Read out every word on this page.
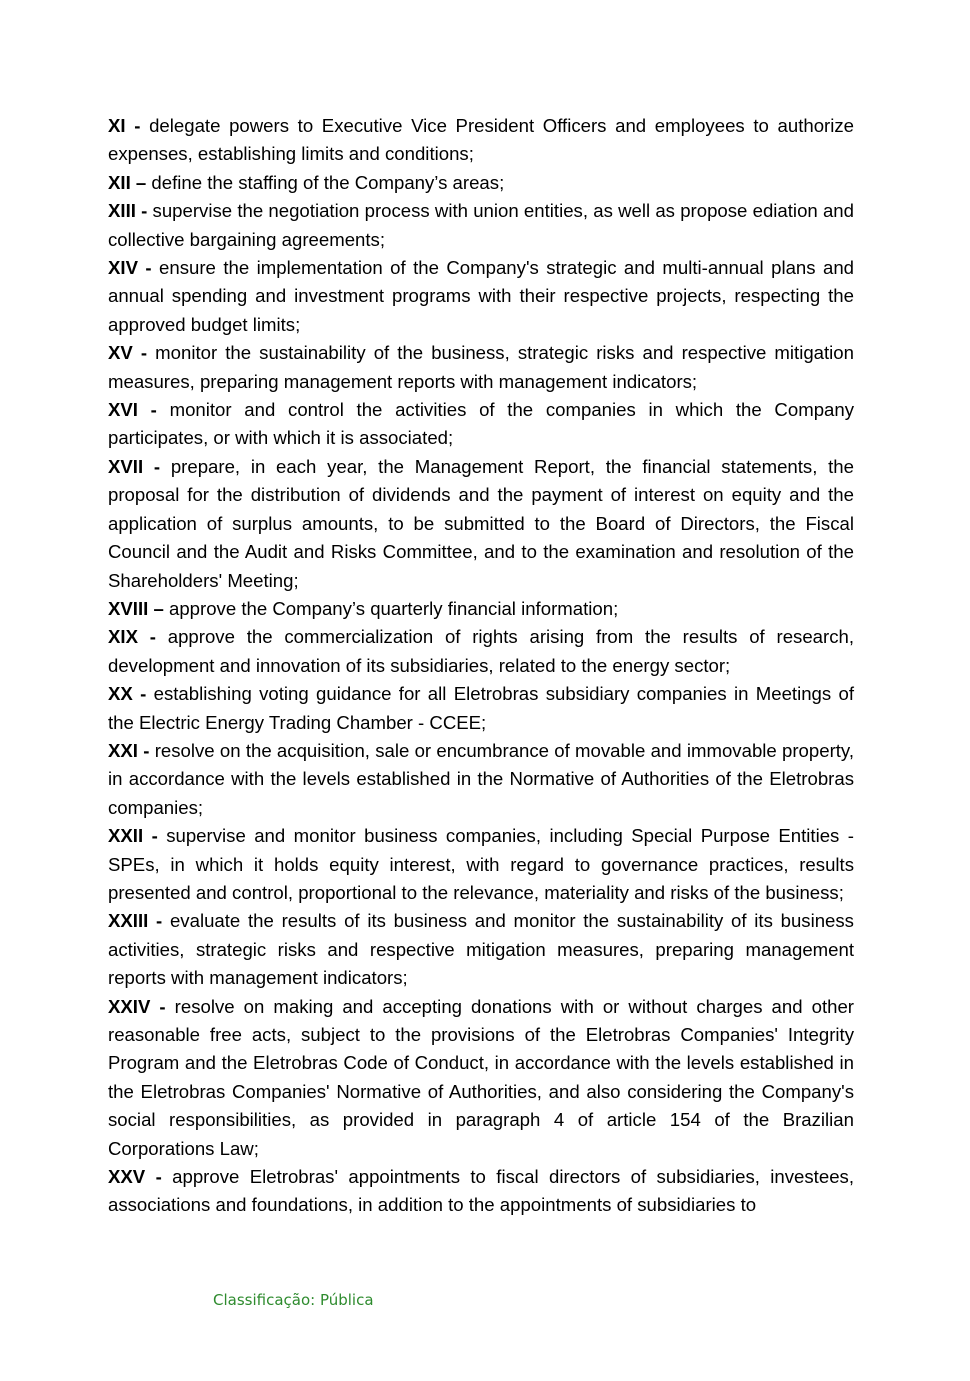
XI - delegate powers to Executive Vice President Officers and employees to authorize expenses, establishing limits and conditions;

XII – define the staffing of the Company’s areas;

XIII - supervise the negotiation process with union entities, as well as propose ediation and collective bargaining agreements;

XIV - ensure the implementation of the Company's strategic and multi-annual plans and annual spending and investment programs with their respective projects, respecting the approved budget limits;

XV - monitor the sustainability of the business, strategic risks and respective mitigation measures, preparing management reports with management indicators;

XVI - monitor and control the activities of the companies in which the Company participates, or with which it is associated;

XVII - prepare, in each year, the Management Report, the financial statements, the proposal for the distribution of dividends and the payment of interest on equity and the application of surplus amounts, to be submitted to the Board of Directors, the Fiscal Council and the Audit and Risks Committee, and to the examination and resolution of the Shareholders' Meeting;

XVIII – approve the Company’s quarterly financial information;

XIX - approve the commercialization of rights arising from the results of research, development and innovation of its subsidiaries, related to the energy sector;

XX - establishing voting guidance for all Eletrobras subsidiary companies in Meetings of the Electric Energy Trading Chamber - CCEE;

XXI - resolve on the acquisition, sale or encumbrance of movable and immovable property, in accordance with the levels established in the Normative of Authorities of the Eletrobras companies;

XXII - supervise and monitor business companies, including Special Purpose Entities - SPEs, in which it holds equity interest, with regard to governance practices, results presented and control, proportional to the relevance, materiality and risks of the business;

XXIII - evaluate the results of its business and monitor the sustainability of its business activities, strategic risks and respective mitigation measures, preparing management reports with management indicators;

XXIV - resolve on making and accepting donations with or without charges and other reasonable free acts, subject to the provisions of the Eletrobras Companies' Integrity Program and the Eletrobras Code of Conduct, in accordance with the levels established in the Eletrobras Companies' Normative of Authorities, and also considering the Company's social responsibilities, as provided in paragraph 4 of article 154 of the Brazilian Corporations Law;

XXV - approve Eletrobras' appointments to fiscal directors of subsidiaries, investees, associations and foundations, in addition to the appointments of subsidiaries to

Classificação: Pública
